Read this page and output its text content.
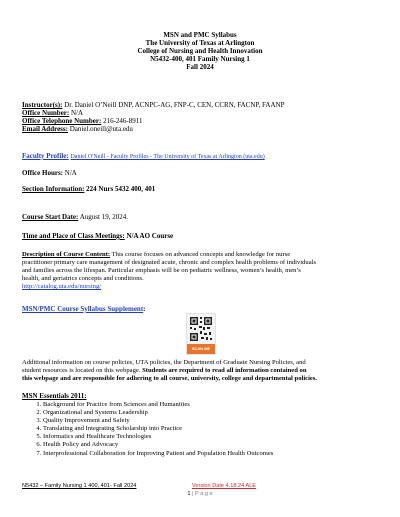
MSN and PMC Syllabus
The University of Texas at Arlington
College of Nursing and Health Innovation
N5432-400, 401 Family Nursing 1
Fall 2024
Instructor(s): Dr. Daniel O’Neill DNP, ACNPC-AG, FNP-C, CEN, CCRN, FACNP, FAANP
Office Number: N/A
Office Telephone Number: 216-246-8911
Email Address: Daniel.oneill@uta.edu
Faculty Profile: Daniel O'Neill - Faculty Profiles - The University of Texas at Arlington (uta.edu)
Office Hours: N/A
Section Information: 224 Nurs 5432 400, 401
Course Start Date: August 19, 2024.
Time and Place of Class Meetings: N/A AO Course
Description of Course Content: This course focuses on advanced concepts and knowledge for nurse
practitioner primary care management of designated acute, chronic and complex health problems of individuals
and families across the lifespan. Particular emphasis will be on pediatric wellness, women’s health, men’s
health, and geriatrics concepts and conditions.
http://catalog.uta.edu/nursing/
MSN/PMC Course Syllabus Supplement:
SCAN ME
Additional information on course policies, UTA policies, the Department of Graduate Nursing Policies, and
student resources is located on this webpage. Students are required to read all information contained on
this webpage and are responsible for adhering to all course, university, college and departmental policies.
MSN Essentials 2011:
1. Background for Practice from Sciences and Humanities
2. Organizational and Systems Leadership
3. Quality Improvement and Safety
4. Translating and Integrating Scholarship into Practice
5. Informatics and Healthcare Technologies
6. Health Policy and Advocacy
7. Interprofessional Collaboration for Improving Patient and Population Health Outcomes
N5432 – Family Nursing 1 400, 401- Fall 2024	Version Date 4.18.24 ALE
1 | P a g e
